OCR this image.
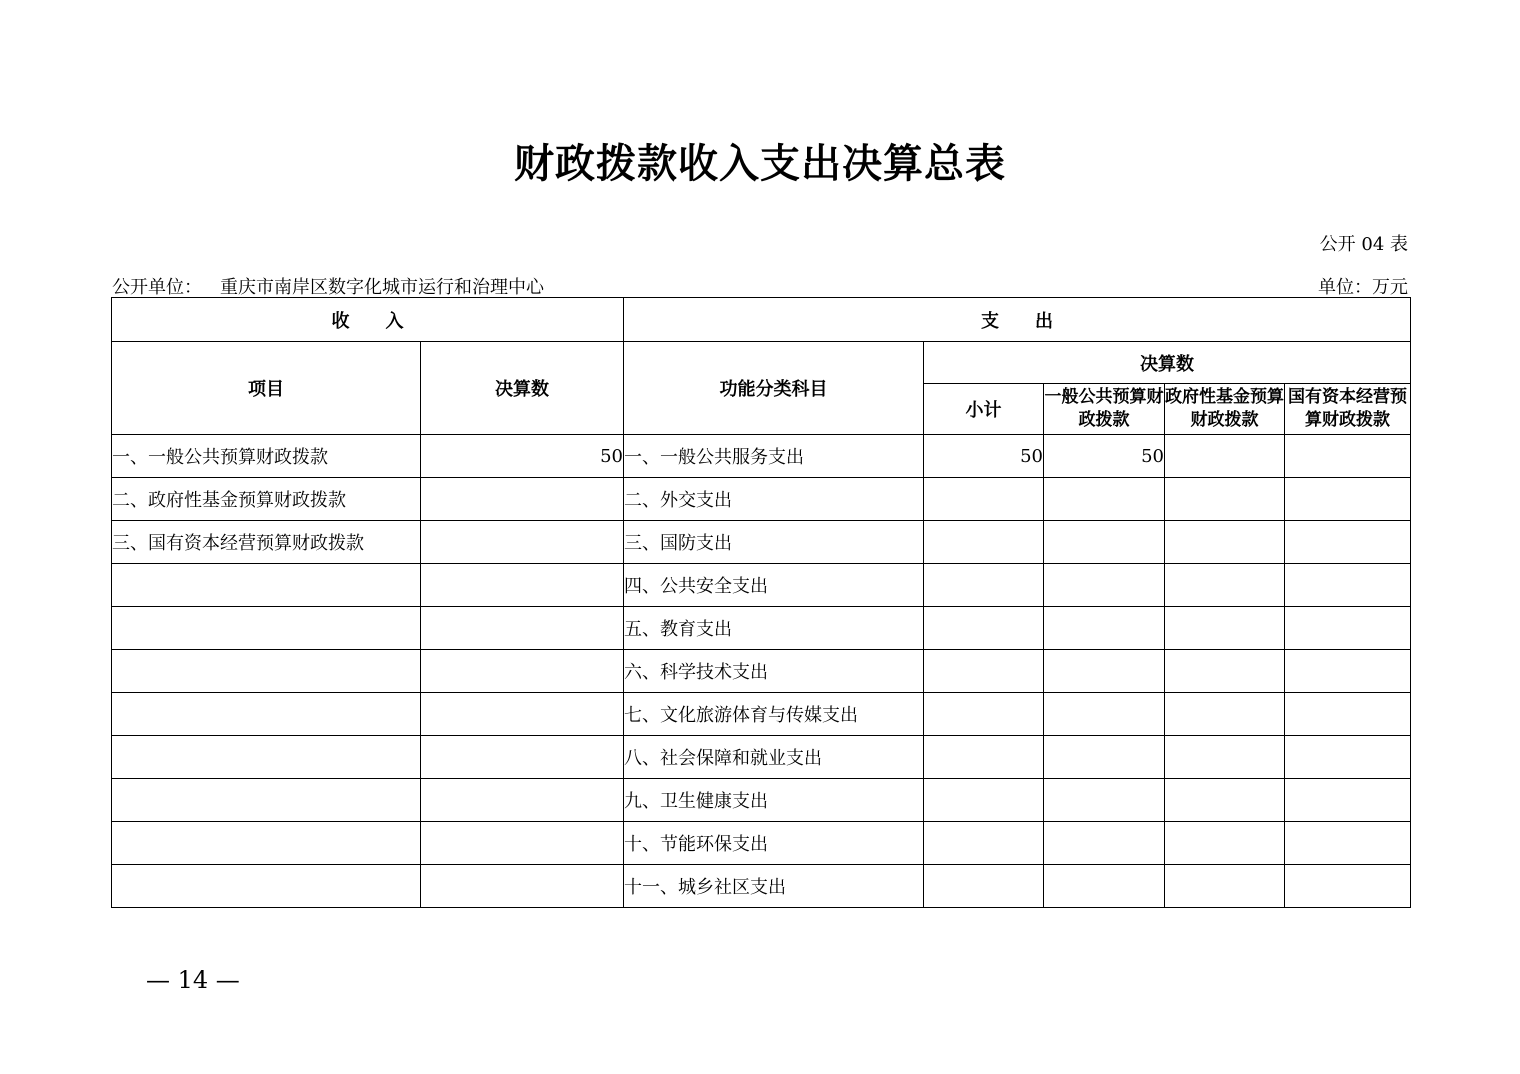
财政拨款收入支出决算总表
公开 04 表
公开单位： 重庆市南岸区数字化城市运行和治理中心	单位：万元
收　　入		支　　出				
项目	决算数	功能分类科目	决算数			
			小计	一般公共预算财政拨款	政府性基金预算财政拨款	国有资本经营预算财政拨款
一、一般公共预算财政拨款	50	一、一般公共服务支出	50	50		
二、政府性基金预算财政拨款		二、外交支出				
三、国有资本经营预算财政拨款		三、国防支出				
		四、公共安全支出				
		五、教育支出				
		六、科学技术支出				
		七、文化旅游体育与传媒支出				
		八、社会保障和就业支出				
		九、卫生健康支出				
		十、节能环保支出				
		十一、城乡社区支出				
— 14 —
